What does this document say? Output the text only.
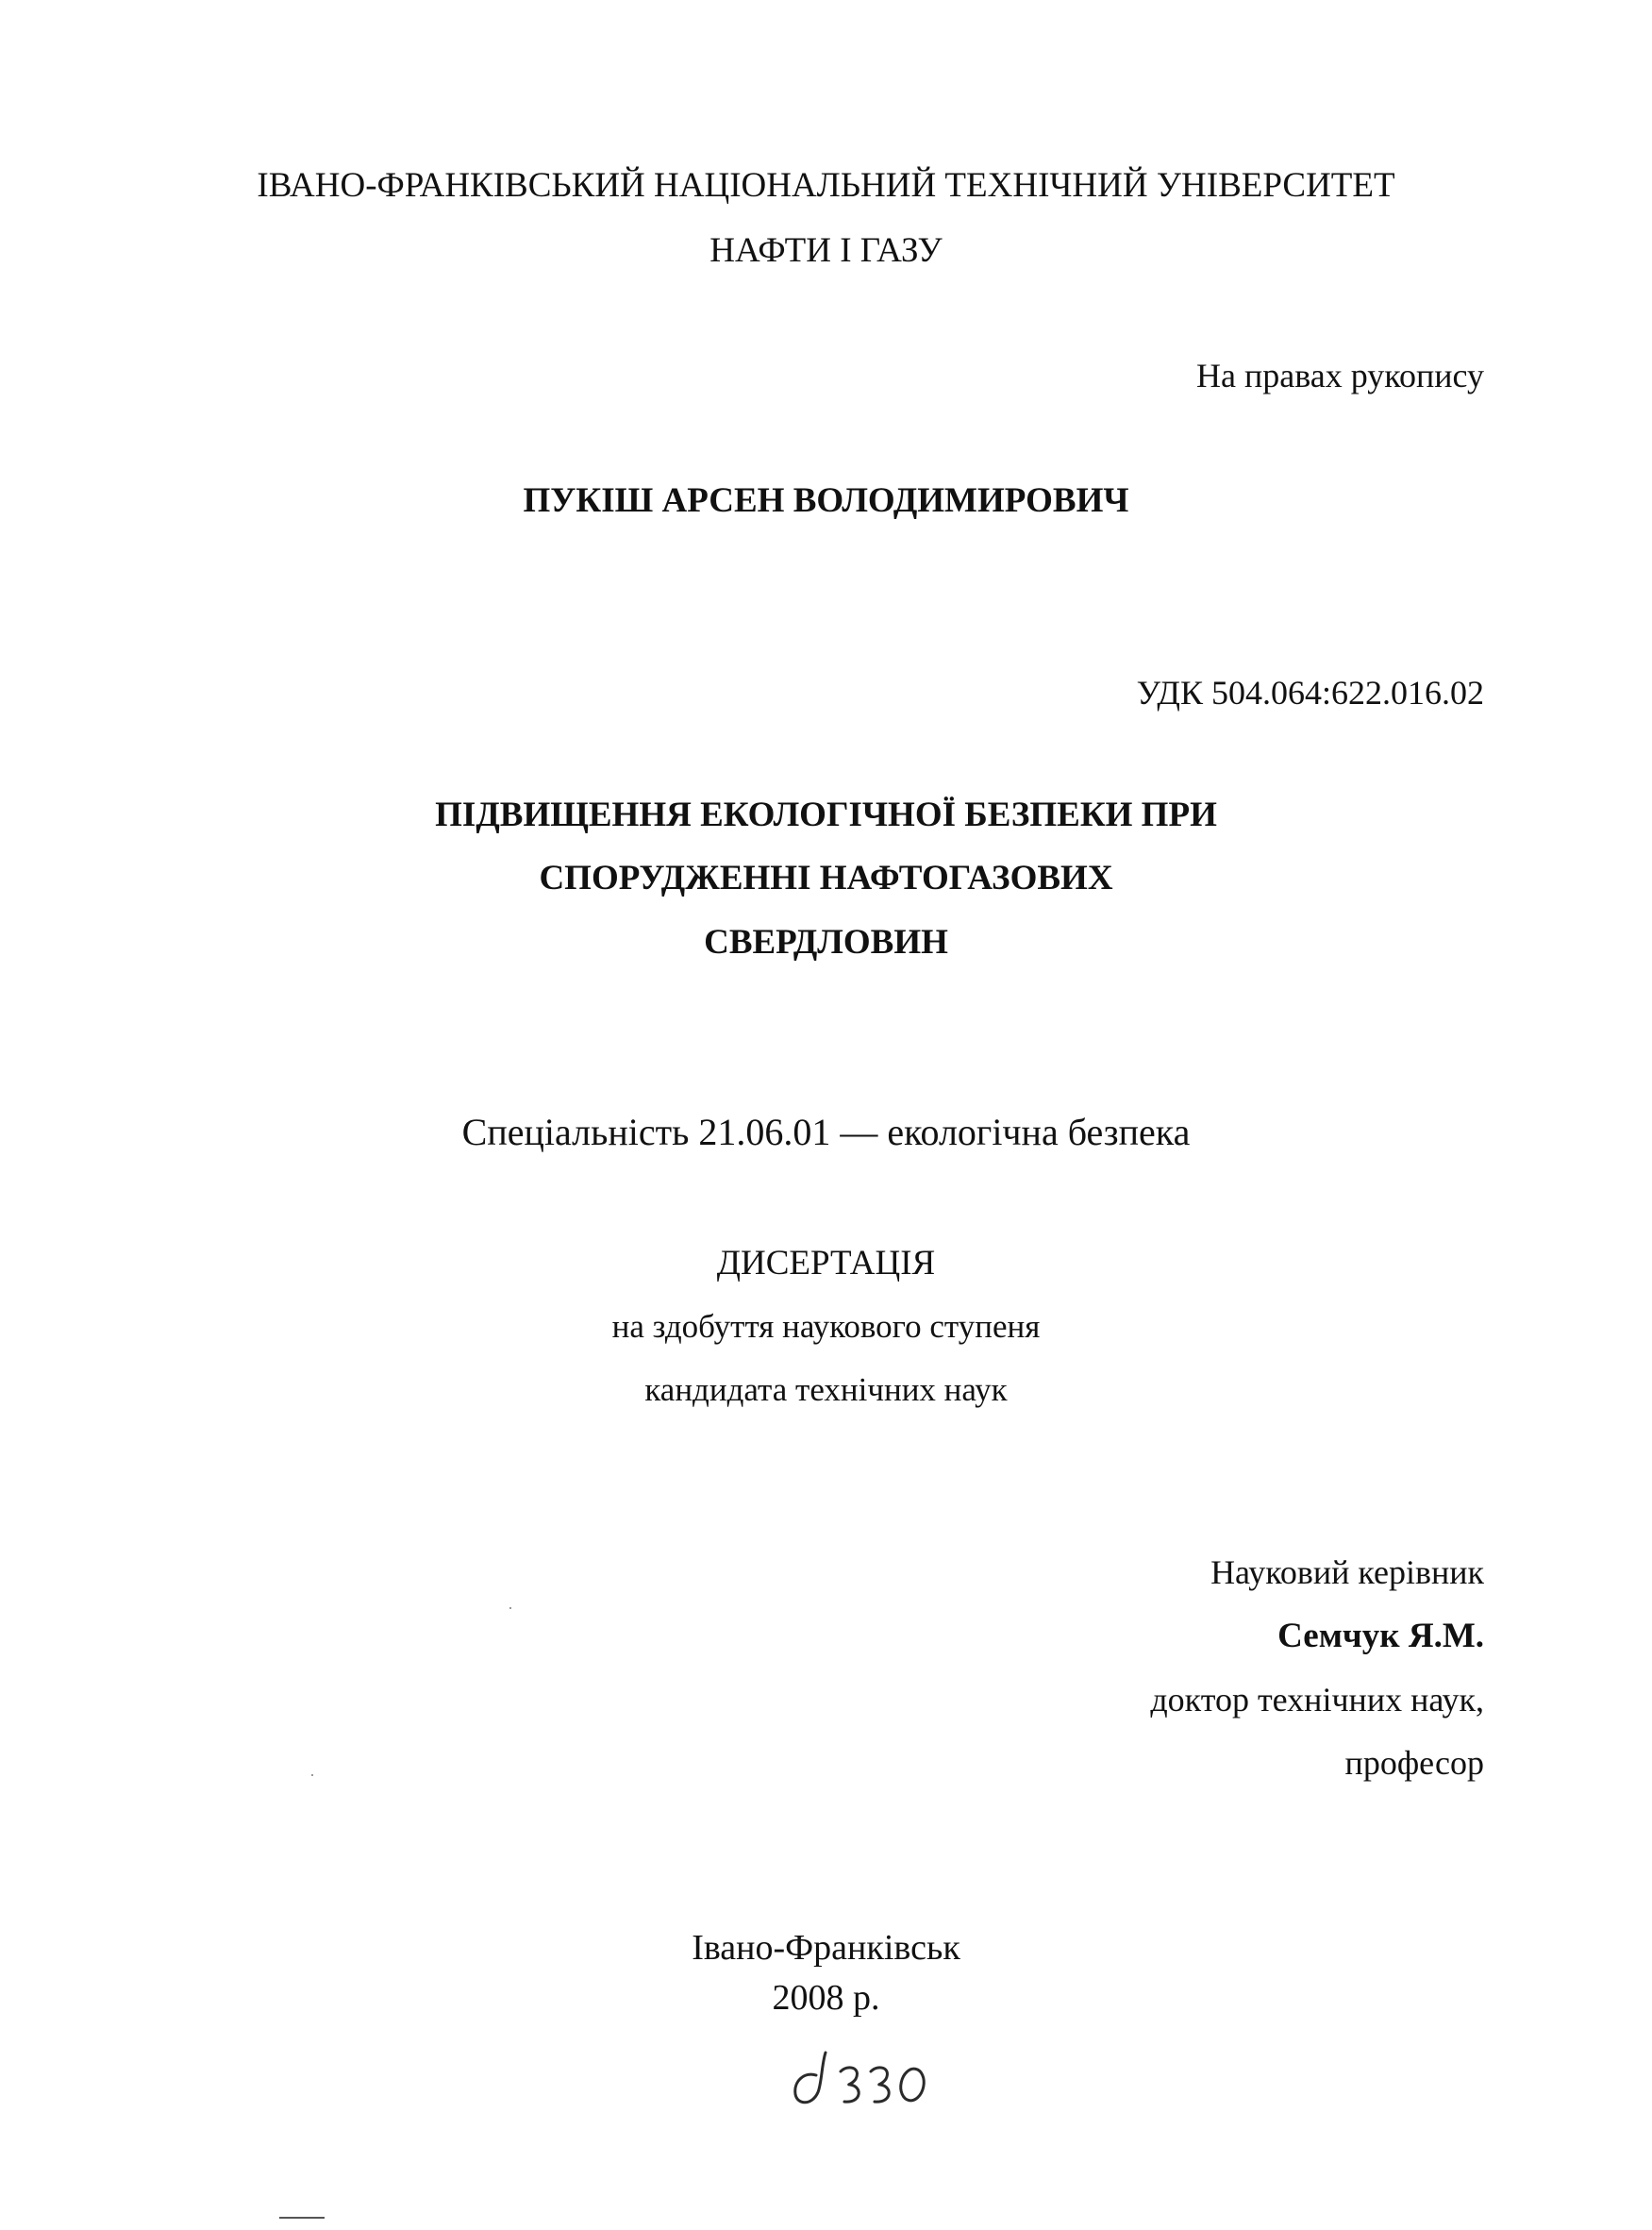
ІВАНО-ФРАНКІВСЬКИЙ НАЦІОНАЛЬНИЙ ТЕХНІЧНИЙ УНІВЕРСИТЕТ
НАФТИ І ГАЗУ
На правах рукопису
ПУКІШ АРСЕН ВОЛОДИМИРОВИЧ
УДК 504.064:622.016.02
ПІДВИЩЕННЯ ЕКОЛОГІЧНОЇ БЕЗПЕКИ ПРИ
СПОРУДЖЕННІ НАФТОГАЗОВИХ
СВЕРДЛОВИН
Спеціальність 21.06.01 — екологічна безпека
ДИСЕРТАЦІЯ
на здобуття наукового ступеня
кандидата технічних наук
Науковий керівник
Семчук Я.М.
доктор технічних наук,
професор
Івано-Франківськ
2008 р.
